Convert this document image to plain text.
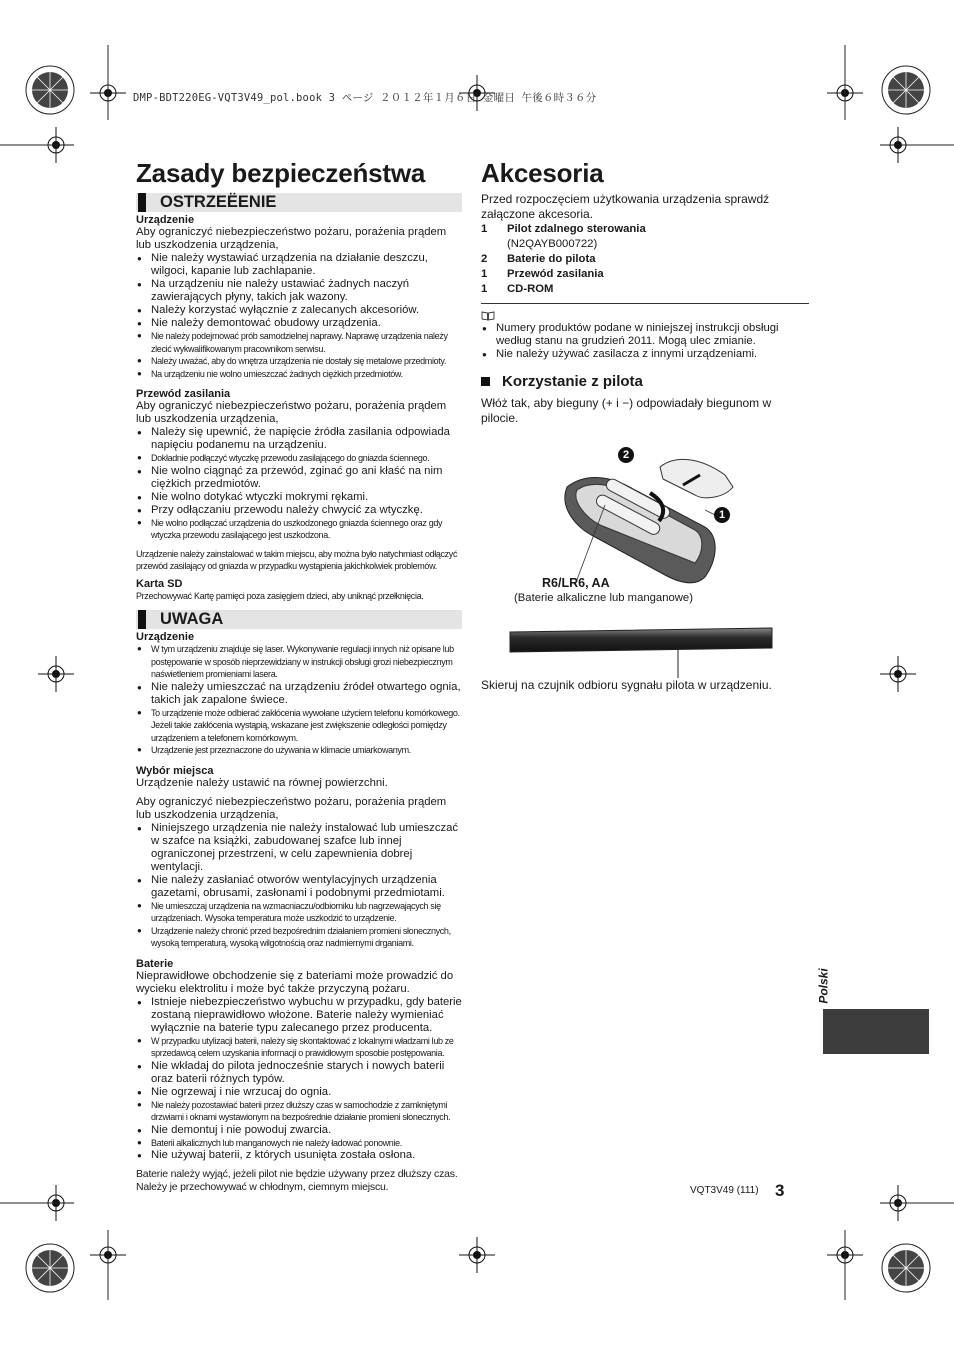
DMP-BDT220EG-VQT3V49_pol.book 3 ページ ２０１２年１月６日 金曜日 午後６時３６分
Zasady bezpieczeństwa
OSTRZEËENIE
Urządzenie

Aby ograniczyć niebezpieczeństwo pożaru, porażenia prądem lub uszkodzenia urządzenia,

● Nie należy wystawiać urządzenia na działanie deszczu, wilgoci, kapanie lub zachlapanie.
● Na urządzeniu nie należy ustawiać żadnych naczyń zawierających płyny, takich jak wazony.
● Należy korzystać wyłącznie z zalecanych akcesoriów.
● Nie należy demontować obudowy urządzenia.
● Nie należy podejmować prób samodzielnej naprawy. Naprawę urządzenia należy zlecić wykwalifikowanym pracownikom serwisu.
● Należy uważać, aby do wnętrza urządzenia nie dostały się metalowe przedmioty.
● Na urządzeniu nie wolno umieszczać żadnych ciężkich przedmiotów.
Przewód zasilania

Aby ograniczyć niebezpieczeństwo pożaru, porażenia prądem lub uszkodzenia urządzenia,

● Należy się upewnić, że napięcie źródła zasilania odpowiada napięciu podanemu na urządzeniu.
● Dokładnie podłączyć wtyczkę przewodu zasilającego do gniazda ściennego.
● Nie wolno ciągnąć za przewód, zginać go ani kłaść na nim ciężkich przedmiotów.
● Nie wolno dotykać wtyczki mokrymi rękami.
● Przy odłączaniu przewodu należy chwycić za wtyczkę.
● Nie wolno podłączać urządzenia do uszkodzonego gniazda ściennego oraz gdy wtyczka przewodu zasilającego jest uszkodzona.

Urządzenie należy zainstalować w takim miejscu, aby można było natychmiast odłączyć przewód zasilający od gniazda w przypadku wystąpienia jakichkolwiek problemów.

Karta SD

Przechowywać Kartę pamięci poza zasięgiem dzieci, aby uniknąć przełknięcia.

UWAGA
Urządzenie
● W tym urządzeniu znajduje się laser. Wykonywanie regulacji innych niż opisane lub postępowanie w sposób nieprzewidziany w instrukcji obsługi grozi niebezpiecznym naświetleniem promieniami lasera.
● Nie należy umieszczać na urządzeniu źródeł otwartego ognia, takich jak zapalone świece.
● To urządzenie może odbierać zakłócenia wywołane użyciem telefonu komórkowego. Jeżeli takie zakłócenia wystąpią, wskazane jest zwiększenie odległości pomiędzy urządzeniem a telefonem komórkowym.
● Urządzenie jest przeznaczone do używania w klimacie umiarkowanym.
Wybór miejsca

Urządzenie należy ustawić na równej powierzchni.

Aby ograniczyć niebezpieczeństwo pożaru, porażenia prądem lub uszkodzenia urządzenia,

● Niniejszego urządzenia nie należy instalować lub umieszczać w szafce na książki, zabudowanej szafce lub innej ograniczonej przestrzeni, w celu zapewnienia dobrej wentylacji.
● Nie należy zasłaniać otworów wentylacyjnych urządzenia gazetami, obrusami, zasłonami i podobnymi przedmiotami.
● Nie umieszczaj urządzenia na wzmacniaczu/odbiorniku lub nagrzewających się urządzeniach. Wysoka temperatura może uszkodzić to urządzenie.
● Urządzenie należy chronić przed bezpośrednim działaniem promieni słonecznych, wysoką temperaturą, wysoką wilgotnością oraz nadmiernymi drganiami.
Baterie

Nieprawidłowe obchodzenie się z bateriami może prowadzić do wycieku elektrolitu i może być także przyczyną pożaru.

● Istnieje niebezpieczeństwo wybuchu w przypadku, gdy baterie zostaną nieprawidłowo włożone. Baterie należy wymieniać wyłącznie na baterie typu zalecanego przez producenta.
● W przypadku utylizacji baterii, należy się skontaktować z lokalnymi władzami lub ze sprzedawcą celem uzyskania informacji o prawidłowym sposobie postępowania.
● Nie wkładaj do pilota jednocześnie starych i nowych baterii oraz baterii różnych typów.
● Nie ogrzewaj i nie wrzucaj do ognia.
● Nie należy pozostawiać baterii przez dłuższy czas w samochodzie z zamkniętymi drzwiami i oknami wystawionym na bezpośrednie działanie promieni słonecznych.
● Nie demontuj i nie powoduj zwarcia.
● Baterii alkalicznych lub manganowych nie należy ładować ponownie.
● Nie używaj baterii, z których usunięta została osłona.

Baterie należy wyjąć, jeżeli pilot nie będzie używany przez dłuższy czas. Należy je przechowywać w chłodnym, ciemnym miejscu.

Akcesoria

Przed rozpoczęciem użytkowania urządzenia sprawdź załączone akcesoria.

1	Pilot zdalnego sterowania
(N2QAYB000722)
2	Baterie do pilota
1	Przewód zasilania
1	CD-ROM
● Numery produktów podane w niniejszej instrukcji obsługi według stanu na grudzień 2011. Mogą ulec zmianie.
● Nie należy używać zasilacza z innymi urządzeniami.
Korzystanie z pilota

Włóż tak, aby bieguny (+ i −) odpowiadały biegunom w pilocie.

2
1
R6/LR6, AA
(Baterie alkaliczne lub manganowe)
Skieruj na czujnik odbioru sygnału pilota w urządzeniu.
Polski
VQT3V49 (111) 3
